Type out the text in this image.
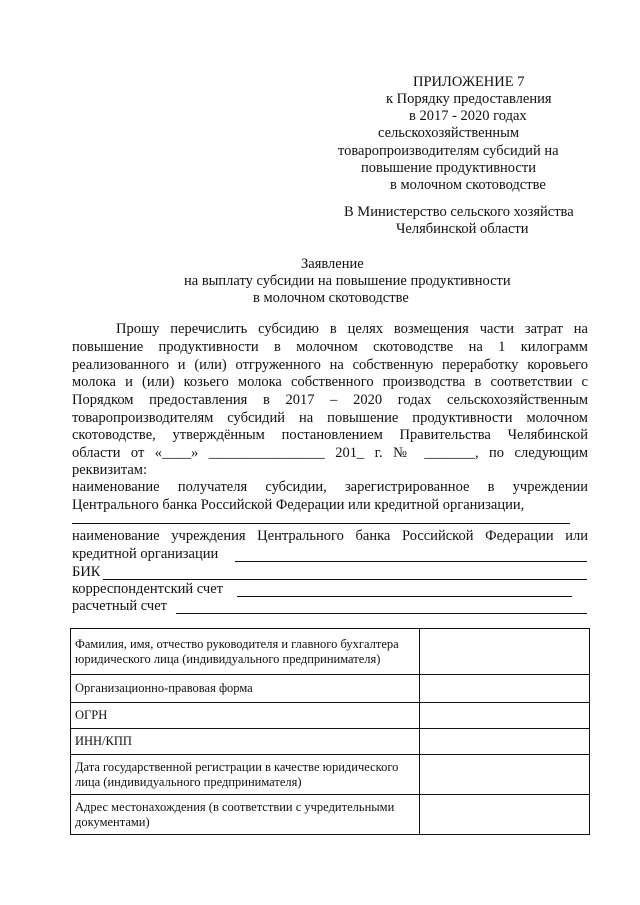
ПРИЛОЖЕНИЕ 7
к Порядку предоставления
в 2017 - 2020 годах
сельскохозяйственным
товаропроизводителям субсидий на
повышение продуктивности
в молочном скотоводстве
В Министерство сельского хозяйства
Челябинской области
Заявление
на выплату субсидии на повышение продуктивности
в молочном скотоводстве
Прошу перечислить субсидию в целях возмещения части затрат на
повышение продуктивности в молочном скотоводстве на 1 килограмм
реализованного и (или) отгруженного на собственную переработку коровьего
молока и (или) козьего молока собственного производства в соответствии с
Порядком предоставления в 2017 – 2020 годах сельскохозяйственным
товаропроизводителям субсидий на повышение продуктивности молочном
скотоводстве, утверждённым постановлением Правительства Челябинской
области от «____» ________________ 201_ г. № _______, по следующим
реквизитам:
наименование получателя субсидии, зарегистрированное в учреждении
Центрального банка Российской Федерации или кредитной организации,
наименование учреждения Центрального банка Российской Федерации или
кредитной организации
БИК
корреспондентский счет
расчетный счет
Фамилия, имя, отчество руководителя и главного бухгалтера юридического лица (индивидуального предпринимателя)	
Организационно-правовая форма	
ОГРН	
ИНН/КПП	
Дата государственной регистрации в качестве юридического лица (индивидуального предпринимателя)	
Адрес местонахождения (в соответствии с учредительными документами)	
